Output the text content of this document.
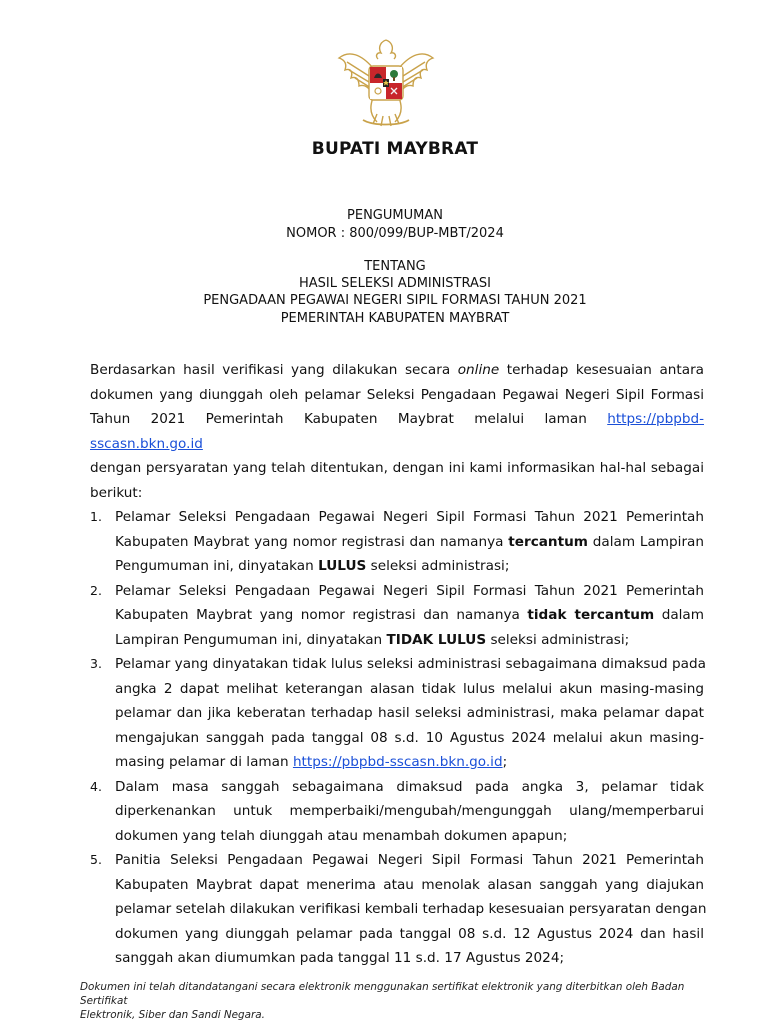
BUPATI MAYBRAT
PENGUMUMAN
NOMOR : 800/099/BUP-MBT/2024
TENTANG
HASIL SELEKSI ADMINISTRASI
PENGADAAN PEGAWAI NEGERI SIPIL FORMASI TAHUN 2021
PEMERINTAH KABUPATEN MAYBRAT
Berdasarkan hasil verifikasi yang dilakukan secara online terhadap kesesuaian antara
dokumen yang diunggah oleh pelamar Seleksi Pengadaan Pegawai Negeri Sipil Formasi
Tahun 2021 Pemerintah Kabupaten Maybrat melalui laman https://pbpbd-sscasn.bkn.go.id
dengan persyaratan yang telah ditentukan, dengan ini kami informasikan hal-hal sebagai
berikut:
1. Pelamar Seleksi Pengadaan Pegawai Negeri Sipil Formasi Tahun 2021 Pemerintah
Kabupaten Maybrat yang nomor registrasi dan namanya tercantum dalam Lampiran
Pengumuman ini, dinyatakan LULUS seleksi administrasi;
2. Pelamar Seleksi Pengadaan Pegawai Negeri Sipil Formasi Tahun 2021 Pemerintah
Kabupaten Maybrat yang nomor registrasi dan namanya tidak tercantum dalam
Lampiran Pengumuman ini, dinyatakan TIDAK LULUS seleksi administrasi;
3. Pelamar yang dinyatakan tidak lulus seleksi administrasi sebagaimana dimaksud pada
angka 2 dapat melihat keterangan alasan tidak lulus melalui akun masing-masing
pelamar dan jika keberatan terhadap hasil seleksi administrasi, maka pelamar dapat
mengajukan sanggah pada tanggal 08 s.d. 10 Agustus 2024 melalui akun masing-
masing pelamar di laman https://pbpbd-sscasn.bkn.go.id;
4. Dalam masa sanggah sebagaimana dimaksud pada angka 3, pelamar tidak
diperkenankan untuk memperbaiki/mengubah/mengunggah ulang/memperbarui
dokumen yang telah diunggah atau menambah dokumen apapun;
5. Panitia Seleksi Pengadaan Pegawai Negeri Sipil Formasi Tahun 2021 Pemerintah
Kabupaten Maybrat dapat menerima atau menolak alasan sanggah yang diajukan
pelamar setelah dilakukan verifikasi kembali terhadap kesesuaian persyaratan dengan
dokumen yang diunggah pelamar pada tanggal 08 s.d. 12 Agustus 2024 dan hasil
sanggah akan diumumkan pada tanggal 11 s.d. 17 Agustus 2024;
Dokumen ini telah ditandatangani secara elektronik menggunakan sertifikat elektronik yang diterbitkan oleh Badan Sertifikat
Elektronik, Siber dan Sandi Negara.
